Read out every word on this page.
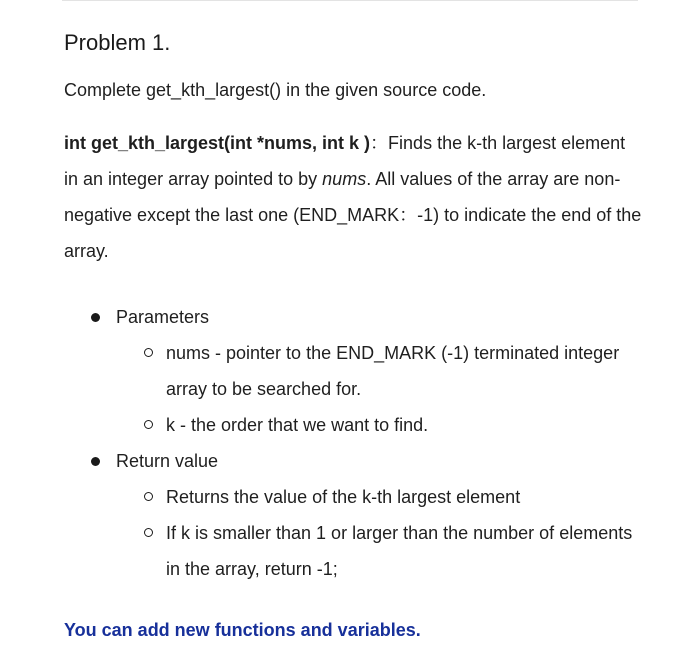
Problem 1.

Complete get_kth_largest() in the given source code.

int get_kth_largest(int *nums, int k )：Finds the k-th largest element in an integer array pointed to by nums. All values of the array are non-negative except the last one (END_MARK：-1) to indicate the end of the array.

Parameters
nums - pointer to the END_MARK (-1) terminated integer array to be searched for.
k - the order that we want to find.
Return value
Returns the value of the k-th largest element
If k is smaller than 1 or larger than the number of elements in the array, return -1;

You can add new functions and variables.
